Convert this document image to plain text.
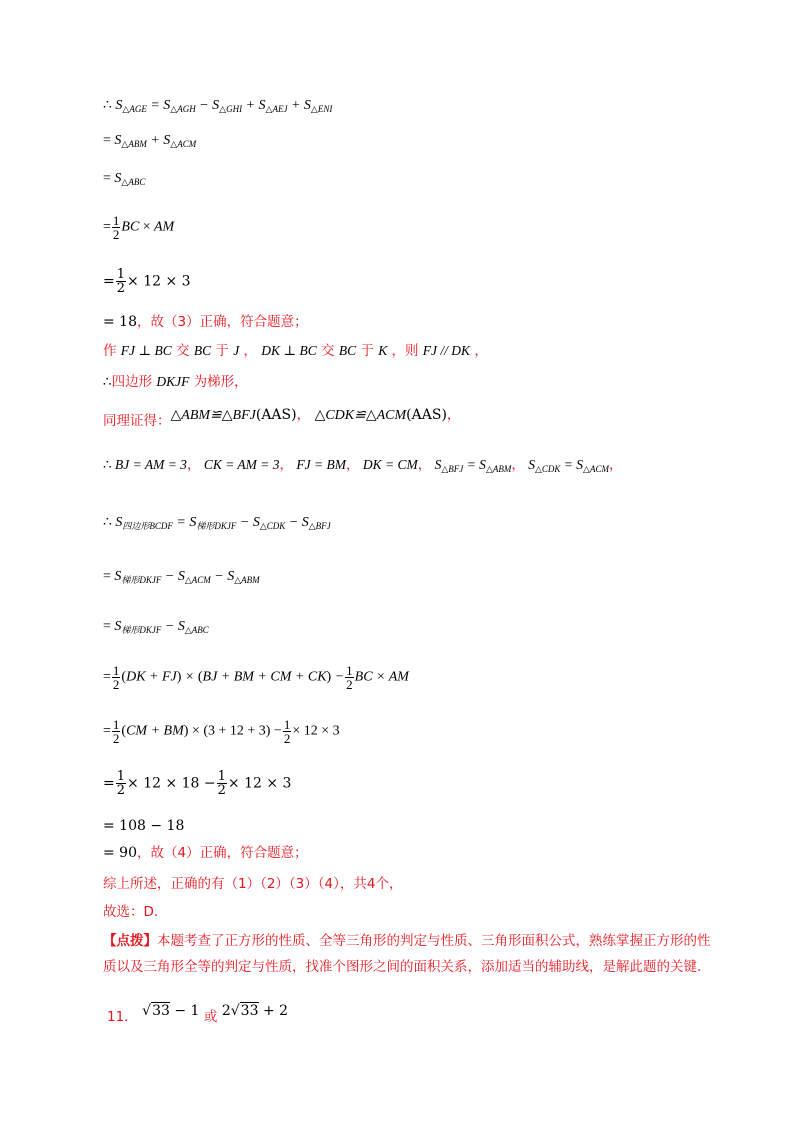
∴ $S_{\triangle AGE} = S_{\triangle AGH} - S_{\triangle GHI} + S_{\triangle AEJ} + S_{\triangle ENI}$
= $S_{\triangle ABM} + S_{\triangle ACM}$
= $S_{\triangle ABC}$
= $\frac{1}{2}$ BC × AM
= $\frac{1}{2} \times 12 \times 3$
= 18，故（3）正确，符合题意；
作 FJ ⊥ BC 交 BC 于 J ， DK ⊥ BC 交 BC 于 K ，则 FJ // DK ，
∴四边形 DKJF 为梯形，
同理证得：△ABM≌△BFJ(AAS)， △CDK≌△ACM(AAS)，
∴ BJ = AM = 3， CK = AM = 3， FJ = BM， DK = CM， $S_{\triangle BFJ} = S_{\triangle ABM}$， $S_{\triangle CDK} = S_{\triangle ACM}$，
∴ $S_{四边形BCDF} = S_{梯形DKJF} - S_{\triangle CDK} - S_{\triangle BFJ}$
= $S_{梯形DKJF} - S_{\triangle ACM} - S_{\triangle ABM}$
= $S_{梯形DKJF} - S_{\triangle ABC}$
= $\frac{1}{2} (DK + FJ) \times (BJ$ + BM + CM + $CK) - \frac{1}{2}$ BC × AM
= $\frac{1}{2} (CM + BM) \times (3 + 12 + 3) - \frac{1}{2} \times 12 \times 3$
= $\frac{1}{2} \times 12 \times 18 - \frac{1}{2} \times 12 \times 3$
= 108 − 18
= 90，故（4）正确，符合题意；
综上所述，正确的有（1）（2）（3）（4），共4个，
故选：D.
【点拨】本题考查了正方形的性质、全等三角形的判定与性质、三角形面积公式，熟练掌握正方形的性质以及三角形全等的判定与性质，找准个图形之间的面积关系，添加适当的辅助线，是解此题的关键.
11． √33 − 1 或 2√33 + 2
